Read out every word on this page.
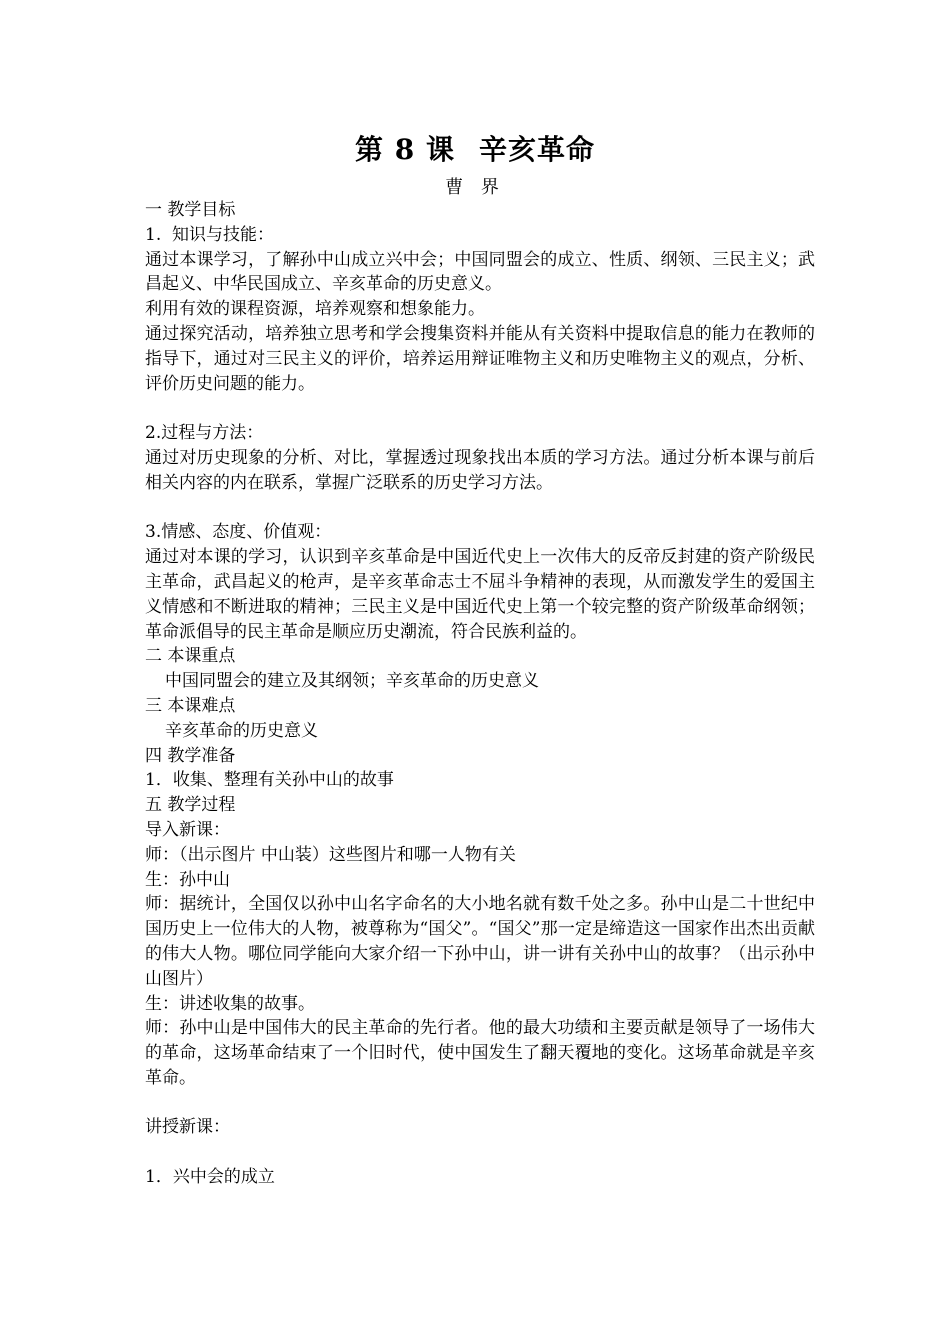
第 8 课 辛亥革命
曹 界

一 教学目标

1.  知识与技能：

通过本课学习，了解孙中山成立兴中会；中国同盟会的成立、性质、纲领、三民主义；武昌起义、中华民国成立、辛亥革命的历史意义。

利用有效的课程资源，培养观察和想象能力。

通过探究活动，培养独立思考和学会搜集资料并能从有关资料中提取信息的能力在教师的指导下，通过对三民主义的评价，培养运用辩证唯物主义和历史唯物主义的观点，分析、评价历史问题的能力。

2.过程与方法：

通过对历史现象的分析、对比，掌握透过现象找出本质的学习方法。通过分析本课与前后相关内容的内在联系，掌握广泛联系的历史学习方法。

3.情感、态度、价值观：

通过对本课的学习，认识到辛亥革命是中国近代史上一次伟大的反帝反封建的资产阶级民主革命，武昌起义的枪声，是辛亥革命志士不屈斗争精神的表现，从而激发学生的爱国主义情感和不断进取的精神；三民主义是中国近代史上第一个较完整的资产阶级革命纲领；革命派倡导的民主革命是顺应历史潮流，符合民族利益的。

二 本课重点

中国同盟会的建立及其纲领；辛亥革命的历史意义

三 本课难点

辛亥革命的历史意义

四 教学准备

1．收集、整理有关孙中山的故事

五 教学过程

导入新课：

师：（出示图片 中山装）这些图片和哪一人物有关

生：孙中山

师：据统计，全国仅以孙中山名字命名的大小地名就有数千处之多。孙中山是二十世纪中国历史上一位伟大的人物，被尊称为“国父”。“国父”那一定是缔造这一国家作出杰出贡献的伟大人物。哪位同学能向大家介绍一下孙中山，讲一讲有关孙中山的故事？（出示孙中山图片）

生：讲述收集的故事。

师：孙中山是中国伟大的民主革命的先行者。他的最大功绩和主要贡献是领导了一场伟大的革命，这场革命结束了一个旧时代，使中国发生了翻天覆地的变化。这场革命就是辛亥革命。

讲授新课：

1．兴中会的成立
